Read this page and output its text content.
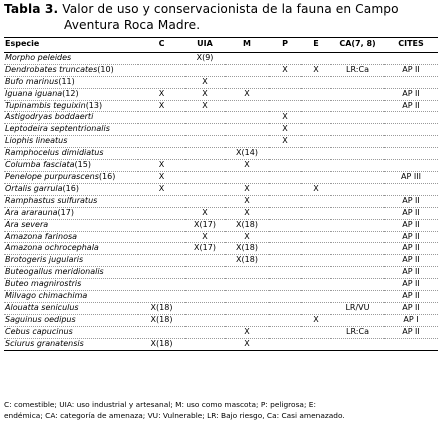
Tabla 3. Valor de uso y conservacionista de la fauna en Campo
Aventura Roca Madre.
Especie	C	UIA	M	P	E	CA(7, 8)	CITES
Morpho peleides		X(9)					
Dendrobates truncates(10)				X	X	LR:Ca	AP II
Bufo marinus(11)		X					
Iguana iguana(12)	X	X	X				AP II
Tupinambis teguixin(13)	X	X					AP II
Astigodryas boddaerti				X			
Leptodeira septentrionalis				X			
Liophis lineatus				X			
Ramphocelus dimidiatus			X(14)				
Columba fasciata(15)	X		X				
Penelope purpurascens(16)	X						AP III
Ortalis garrula(16)	X		X		X		
Ramphastus sulfuratus			X				AP II
Ara ararauna(17)		X	X				AP II
Ara severa		X(17)	X(18)				AP II
Amazona farinosa		X	X				AP II
Amazona ochrocephala		X(17)	X(18)				AP II
Brotogeris jugularis			X(18)				AP II
Buteogallus meridionalis							AP II
Buteo magnirostris							AP II
Milvago chimachima							AP II
Alouatta seniculus	X(18)					LR/VU	AP II
Saguinus oedipus	X(18)				X		AP I
Cebus capucinus			X			LR:Ca	AP II
Sciurus granatensis	X(18)		X				
C: comestible; UIA: uso industrial y artesanal; M: uso como mascota; P: peligrosa; E:
endémica; CA: categoría de amenaza; VU: Vulnerable; LR: Bajo riesgo, Ca: Casi amenazado.
